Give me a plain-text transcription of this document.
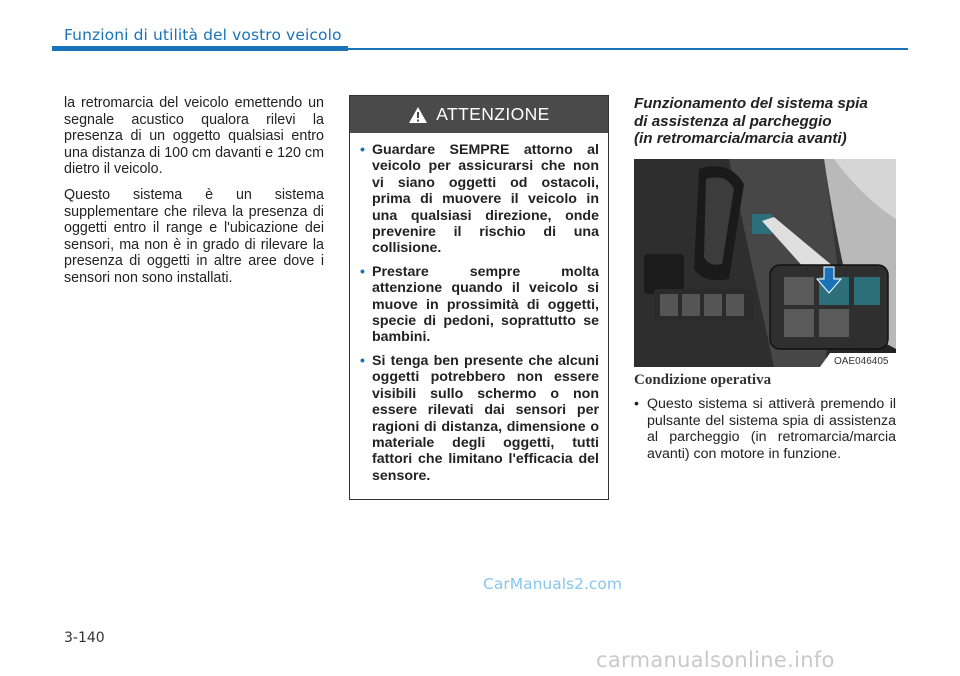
Funzioni di utilità del vostro veicolo

la retromarcia del veicolo emettendo un segnale acustico qualora rilevi la presenza di un oggetto qualsiasi entro una distanza di 100 cm davanti e 120 cm dietro il veicolo.

Questo sistema è un sistema supplementare che rileva la presenza di oggetti entro il range e l'ubicazione dei sensori, ma non è in grado di rilevare la presenza di oggetti in altre aree dove i sensori non sono installati.

ATTENZIONE
• Guardare SEMPRE attorno al veicolo per assicurarsi che non vi siano oggetti od ostacoli, prima di muovere il veicolo in una qualsiasi direzione, onde prevenire il rischio di una collisione.
• Prestare sempre molta attenzione quando il veicolo si muove in prossimità di oggetti, specie di pedoni, soprattutto se bambini.
• Si tenga ben presente che alcuni oggetti potrebbero non essere visibili sullo schermo o non essere rilevati dai sensori per ragioni di distanza, dimensione o materiale degli oggetti, tutti fattori che limitano l'efficacia del sensore.

Funzionamento del sistema spia
di assistenza al parcheggio
(in retromarcia/marcia avanti)

OAE046405
Condizione operativa
• Questo sistema si attiverà premendo il pulsante del sistema spia di assistenza al parcheggio (in retromarcia/marcia avanti) con motore in funzione.
CarManuals2.com
3-140
carmanualsonline.info
